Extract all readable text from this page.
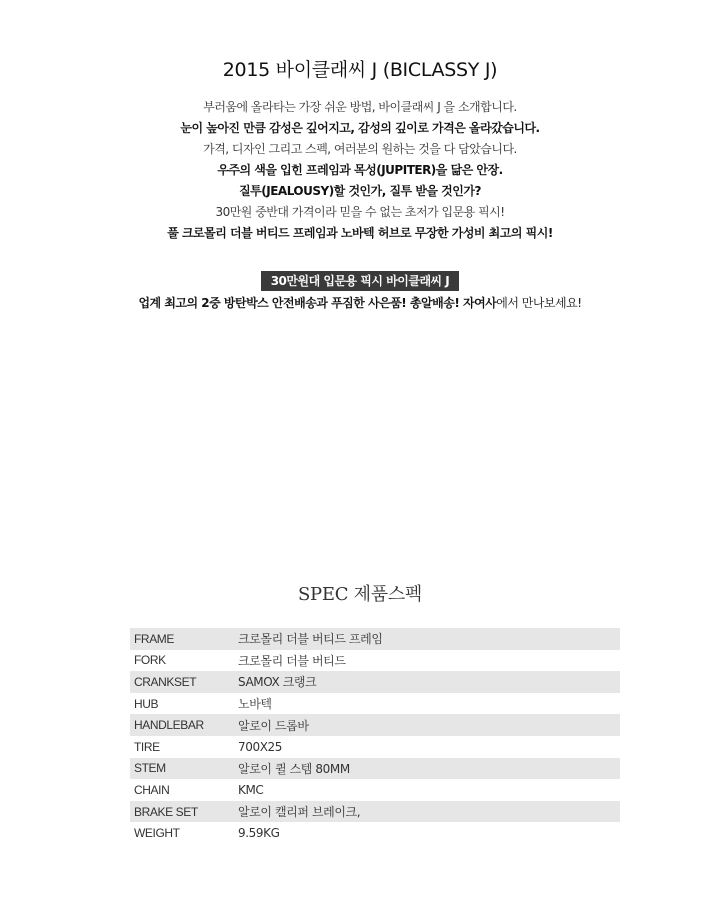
2015 바이클래씨 J (BICLASSY J)
부러움에 올라타는 가장 쉬운 방법, 바이클래씨 J 을 소개합니다.
눈이 높아진 만큼 감성은 깊어지고, 감성의 깊이로 가격은 올라갔습니다.
가격, 디자인 그리고 스펙, 여러분의 원하는 것을 다 담았습니다.
우주의 색을 입힌 프레임과 목성(JUPITER)을 닮은 안장.
질투(JEALOUSY)할 것인가, 질투 받을 것인가?
30만원 중반대 가격이라 믿을 수 없는 초저가 입문용 픽시!
풀 크로몰리 더블 버티드 프레임과 노바텍 허브로 무장한 가성비 최고의 픽시!
30만원대 입문용 픽시 바이클래씨 J
업계 최고의 2중 방탄박스 안전배송과 푸짐한 사은품! 총알배송! 자여사에서 만나보세요!
SPEC 제품스펙
FRAME	크로몰리 더블 버티드 프레임
FORK	크로몰리 더블 버티드
CRANKSET	SAMOX 크랭크
HUB	노바텍
HANDLEBAR	알로이 드롭바
TIRE	700X25
STEM	알로이 퀼 스템 80MM
CHAIN	KMC
BRAKE SET	알로이 캘리퍼 브레이크,
WEIGHT	9.59KG
